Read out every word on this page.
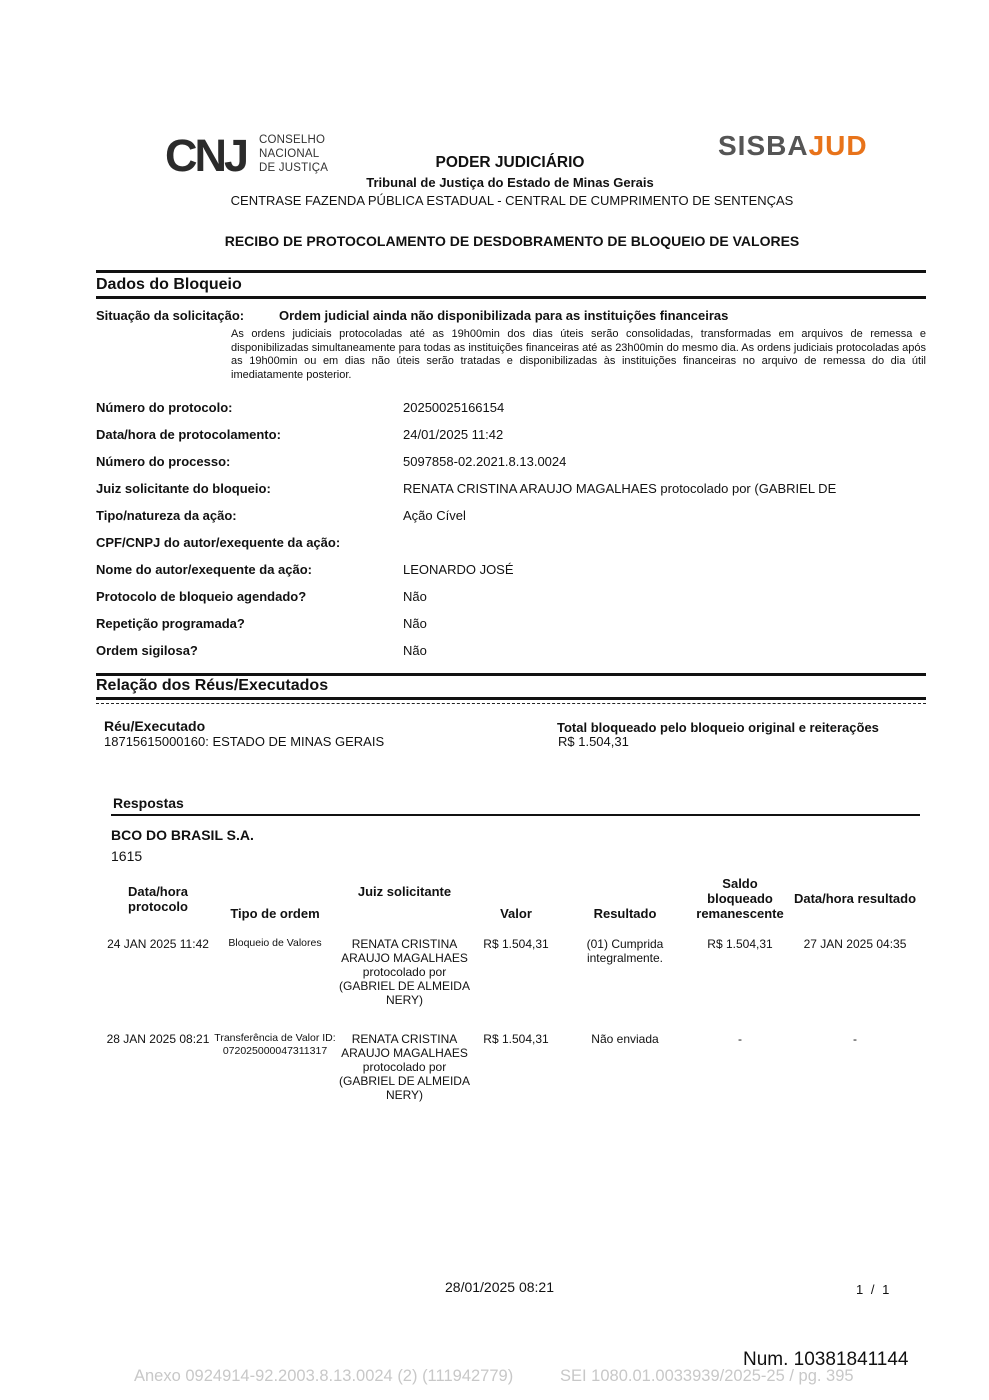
CNJ CONSELHO
NACIONAL
DE JUSTIÇA
SISBAJUD
PODER JUDICIÁRIO
Tribunal de Justiça do Estado de Minas Gerais
CENTRASE FAZENDA PÚBLICA ESTADUAL - CENTRAL DE CUMPRIMENTO DE SENTENÇAS
RECIBO DE PROTOCOLAMENTO DE DESDOBRAMENTO DE BLOQUEIO DE VALORES
Dados do Bloqueio
Situação da solicitação:	Ordem judicial ainda não disponibilizada para as instituições financeiras
As ordens judiciais protocoladas até as 19h00min dos dias úteis serão consolidadas, transformadas em arquivos de remessa e disponibilizadas simultaneamente para todas as instituições financeiras até as 23h00min do mesmo dia. As ordens judiciais protocoladas após as 19h00min ou em dias não úteis serão tratadas e disponibilizadas às instituições financeiras no arquivo de remessa do dia útil imediatamente posterior.
Número do protocolo:	20250025166154
Data/hora de protocolamento:	24/01/2025 11:42
Número do processo:	5097858-02.2021.8.13.0024
Juiz solicitante do bloqueio:	RENATA CRISTINA ARAUJO MAGALHAES protocolado por (GABRIEL DE
Tipo/natureza da ação:	Ação Cível
CPF/CNPJ do autor/exequente da ação:
Nome do autor/exequente da ação:	LEONARDO JOSÉ
Protocolo de bloqueio agendado?	Não
Repetição programada?	Não
Ordem sigilosa?	Não
Relação dos Réus/Executados
Réu/Executado
18715615000160: ESTADO DE MINAS GERAIS
Total bloqueado pelo bloqueio original e reiterações
R$ 1.504,31
Respostas
BCO DO BRASIL S.A.
1615
Data/hora protocolo	Tipo de ordem	Juiz solicitante	Valor	Resultado	Saldo bloqueado remanescente	Data/hora resultado
24 JAN 2025 11:42	Bloqueio de Valores	RENATA CRISTINA ARAUJO MAGALHAES protocolado por (GABRIEL DE ALMEIDA NERY)	R$ 1.504,31	(01) Cumprida integralmente.	R$ 1.504,31	27 JAN 2025 04:35
28 JAN 2025 08:21	Transferência de Valor ID: 072025000047311317	RENATA CRISTINA ARAUJO MAGALHAES protocolado por (GABRIEL DE ALMEIDA NERY)	R$ 1.504,31	Não enviada	-	-
28/01/2025 08:21	1 / 1
Num. 10381841144
Anexo 0924914-92.2003.8.13.0024 (2) (111942779)	SEI 1080.01.0033939/2025-25 / pg. 395
